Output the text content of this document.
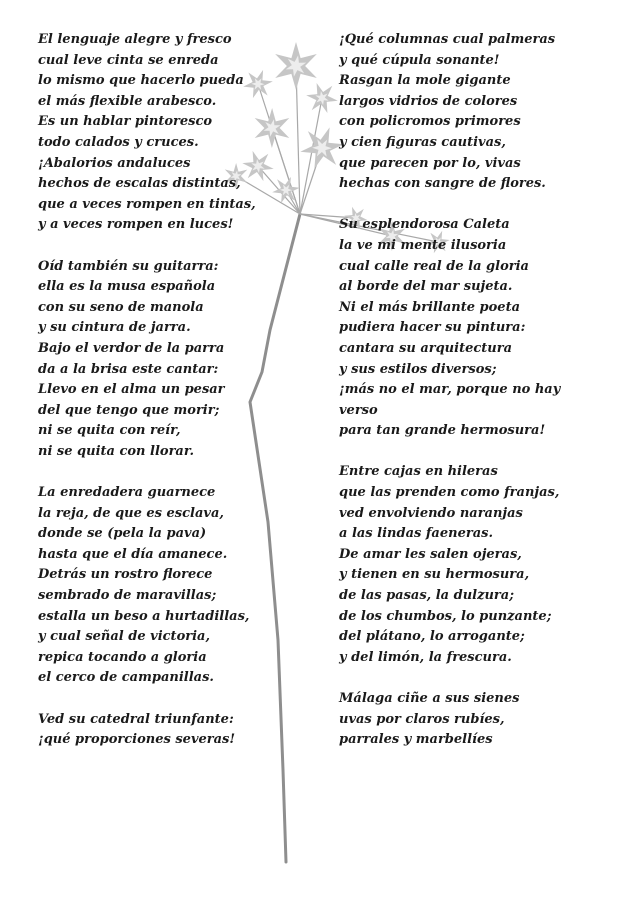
El lenguaje alegre y fresco
cual leve cinta se enreda
lo mismo que hacerlo pueda
el más flexible arabesco.
Es un hablar pintoresco
todo calados y cruces.
¡Abalorios andaluces
hechos de escalas distintas,
que a veces rompen en tintas,
y a veces rompen en luces!
Oíd también su guitarra:
ella es la musa española
con su seno de manola
y su cintura de jarra.
Bajo el verdor de la parra
da a la brisa este cantar:
Llevo en el alma un pesar
del que tengo que morir;
ni se quita con reír,
ni se quita con llorar.
La enredadera guarnece
la reja, de que es esclava,
donde se (pela la pava)
hasta que el día amanece.
Detrás un rostro florece
sembrado de maravillas;
estalla un beso a hurtadillas,
y cual señal de victoria,
repica tocando a gloria
el cerco de campanillas.
Ved su catedral triunfante:
¡qué proporciones severas!
¡Qué columnas cual palmeras
y qué cúpula sonante!
Rasgan la mole gigante
largos vidrios de colores
con policromos primores
y cien figuras cautivas,
que parecen por lo, vivas
hechas con sangre de flores.
Su esplendorosa Caleta
la ve mi mente ilusoria
cual calle real de la gloria
al borde del mar sujeta.
Ni el más brillante poeta
pudiera hacer su pintura:
cantara su arquitectura
y sus estilos diversos;
¡más no el mar, porque no hay
verso
para tan grande hermosura!
Entre cajas en hileras
que las prenden como franjas,
ved envolviendo naranjas
a las lindas faeneras.
De amar les salen ojeras,
y tienen en su hermosura,
de las pasas, la dulzura;
de los chumbos, lo punzante;
del plátano, lo arrogante;
y del limón, la frescura.
Málaga ciñe a sus sienes
uvas por claros rubíes,
parrales y marbellíes
